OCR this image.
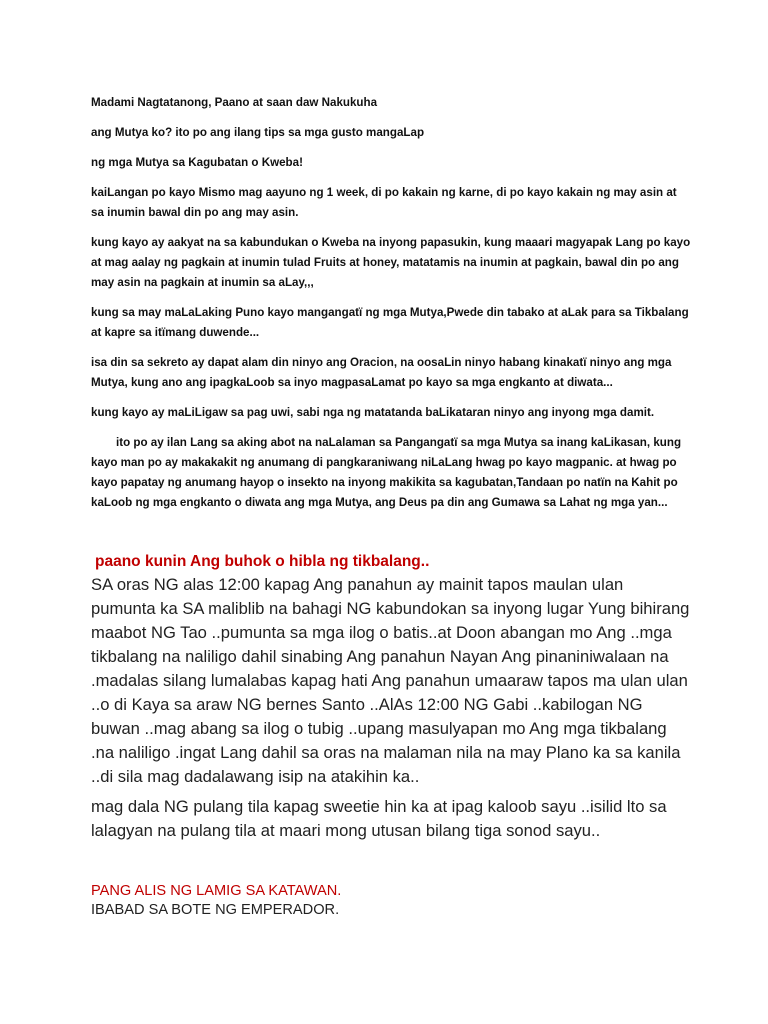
Madami Nagtatanong, Paano at saan daw Nakukuha

ang Mutya ko? ito po ang ilang tips sa mga gusto mangaLap

ng mga Mutya sa Kagubatan o Kweba!

kaiLangan po kayo Mismo mag aayuno ng 1 week, di po kakain ng karne, di po kayo kakain ng may asin at sa inumin bawal din po ang may asin.

kung kayo ay aakyat na sa kabundukan o Kweba na inyong papasukin, kung maaari magyapak Lang po kayo at mag aalay ng pagkain at inumin tulad Fruits at honey, matatamis na inumin at pagkain, bawal din po ang may asin na pagkain at inumin sa aLay,,,

kung sa may maLaLaking Puno kayo mangangatï ng mga Mutya,Pwede din tabako at aLak para sa Tikbalang at kapre sa itïmang duwende...

isa din sa sekreto ay dapat alam din ninyo ang Oracion, na oosaLin ninyo habang kinakatï ninyo ang mga Mutya, kung ano ang ipagkaLoob sa inyo magpasaLamat po kayo sa mga engkanto at diwata...

kung kayo ay maLiLigaw sa pag uwi, sabi nga ng matatanda baLikataran ninyo ang inyong mga damit.

ito po ay ilan Lang sa aking abot na naLalaman sa Pangangatï sa mga Mutya sa inang kaLikasan, kung kayo man po ay makakakit ng anumang di pangkaraniwang niLaLang hwag po kayo magpanic. at hwag po kayo papatay ng anumang hayop o insekto na inyong makikita sa kagubatan,Tandaan po natïn na Kahit po kaLoob ng mga engkanto o diwata ang mga Mutya, ang Deus pa din ang Gumawa sa Lahat ng mga yan...

paano kunin Ang buhok o hibla ng tikbalang..

SA oras NG alas 12:00 kapag Ang panahun ay mainit tapos maulan ulan pumunta ka SA maliblib na bahagi NG kabundokan sa inyong lugar Yung bihirang maabot NG Tao ..pumunta sa mga ilog o batis..at Doon abangan mo Ang ..mga tikbalang na naliligo dahil sinabing Ang panahun Nayan Ang pinaniniwalaan na .madalas silang lumalabas kapag hati Ang panahun umaaraw tapos ma ulan ulan ..o di Kaya sa araw NG bernes Santo ..AlAs 12:00 NG Gabi ..kabilogan NG buwan ..mag abang sa ilog o tubig ..upang masulyapan mo Ang mga tikbalang .na naliligo .ingat Lang dahil sa oras na malaman nila na may Plano ka sa kanila ..di sila mag dadalawang isip na atakihin ka..

mag dala NG pulang tila kapag sweetie hin ka at ipag kaloob sayu ..isilid lto sa lalagyan na pulang tila at maari mong utusan bilang tiga sonod sayu..

PANG ALIS NG LAMIG SA KATAWAN.
IBABAD SA BOTE NG EMPERADOR.
